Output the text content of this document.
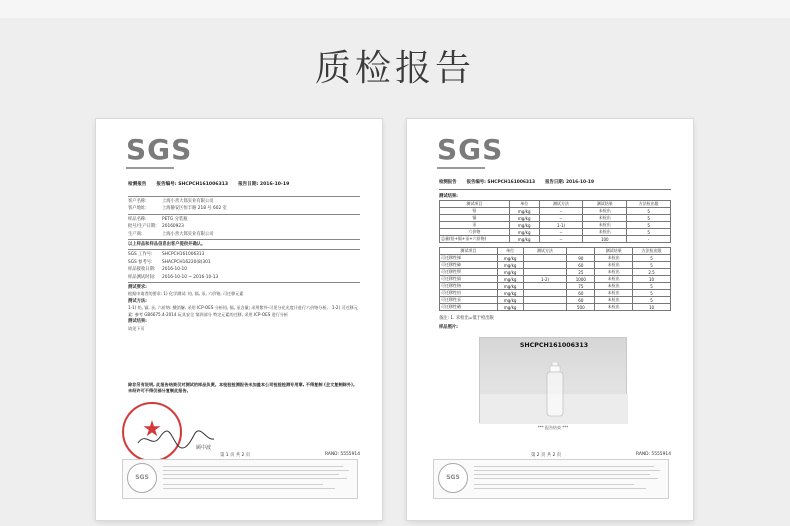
质检报告
SGS
检测报告 报告编号: SHCPCH161006313 报告日期: 2016-10-19
客户名称:	上海小善大郎实业有限公司
客户地址:	上海静安区恒丰路 218 号 602 室
样品名称:	PETG 分装瓶
批号/生产日期:	20160923
生产商:	上海小善大郎实业有限公司
以上样品和样品信息由客户提供并确认。
SGS 工作号:	SHCPCH161006313
SGS 参考号:	SHACPCH16220(8)301
样品接收日期:	2016-10-10
样品测试时间:	2016-10-10 ~ 2016-10-13
测试要求:
根据申请者的要求: 1) 化学测试: 铅, 镉, 汞, 六价铬, 可迁移元素
测试方法:
1-1) 铅, 镉, 汞, 六价铬: 酸消解, 采用 ICP-OES 分析铅, 镉, 汞含量; 采用紫外-可见分光光度计进行六价铬分析。 1-2) 可迁移元素: 参考 GB6675.4-2014 玩具安全 第四部分 特定元素的迁移, 采用 ICP-OES 进行分析
测试结果:
请见下页
除非另有说明, 此报告结果仅对测试的样品负责。本检验检测报告未加盖本公司检验检测专用章, 不得复制 (全文复制除外)。未经许可不得仅部分复制此报告。
★
顾中波
第 1 页 共 2 页	RAND: 5555914
SGS
SGS
检测报告 报告编号: SHCPCH161006313 报告日期: 2016-10-19
测试结果:
测试项目	单位	测试方法	测试结果	方法检出限
铅	mg/kg	--	未检出	5
镉	mg/kg	--	未检出	5
汞	mg/kg	1-1)	未检出	5
六价铬	mg/kg	--	未检出	5
总量(铅+镉+汞+六价铬)	mg/kg	--	100	-
测试项目	单位	测试方法		测试结果	方法检出限
可迁移性锑	mg/kg		90	未检出	5
可迁移性砷	mg/kg		60	未检出	5
可迁移性钡	mg/kg		25	未检出	2.5
可迁移性镉	mg/kg	1-2)	1000	未检出	10
可迁移性铬	mg/kg		75	未检出	5
可迁移性铅	mg/kg		60	未检出	5
可迁移性汞	mg/kg		60	未检出	5
可迁移性硒	mg/kg		500	未检出	10
备注: 1. 未检出=低于检出限
样品照片:
SHCPCH161006313
*** 报告结束 ***
第 2 页 共 2 页	RAND: 5555914
SGS
